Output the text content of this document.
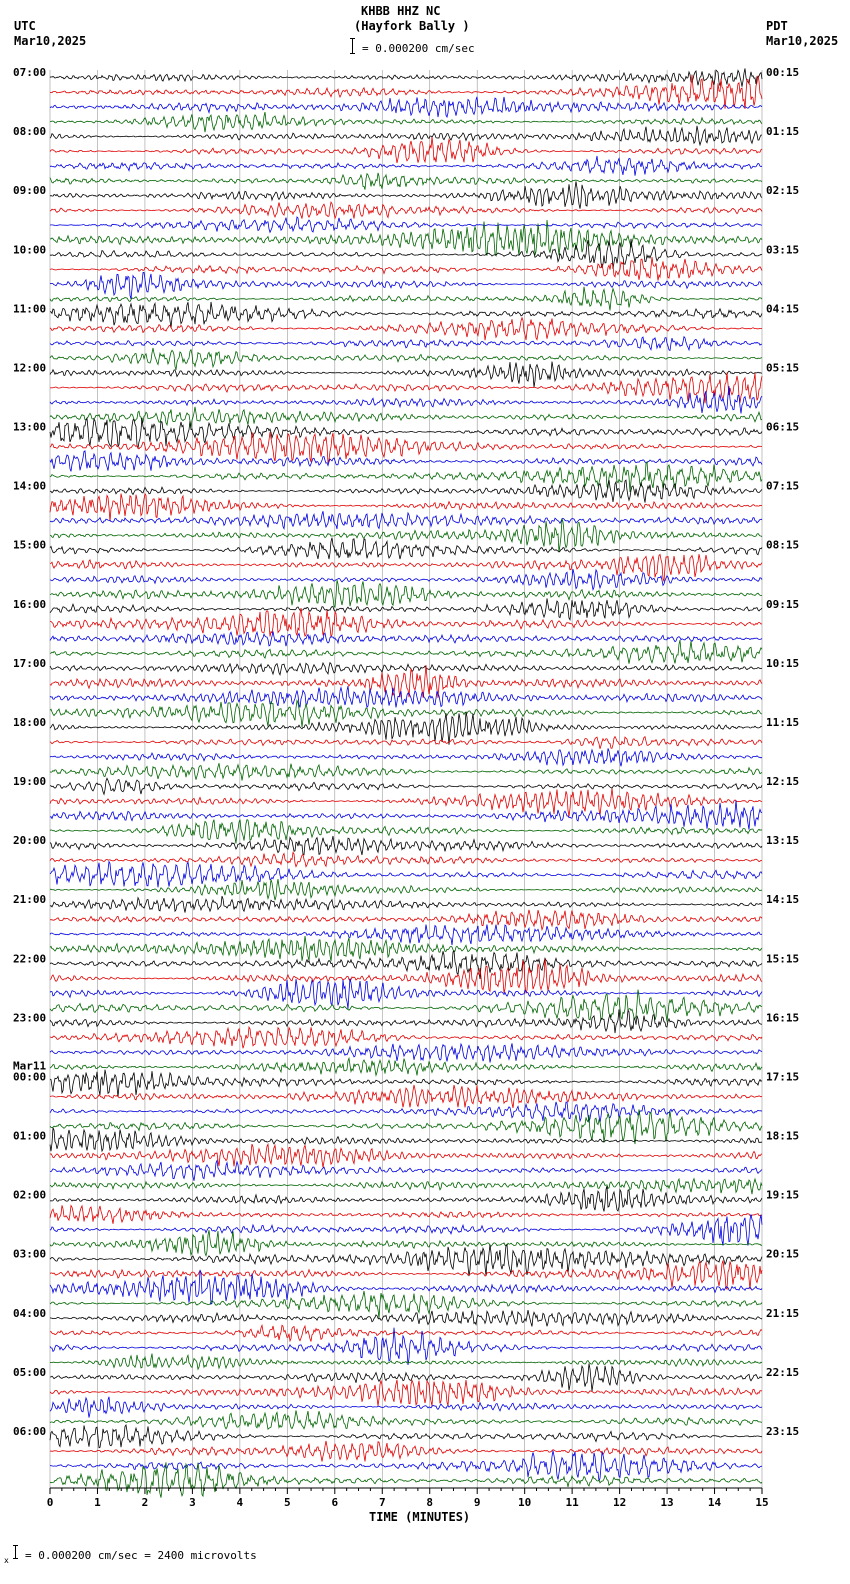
KHBB HHZ NC
(Hayfork Bally )
= 0.000200 cm/sec
UTC
Mar10,2025
PDT
Mar10,2025
0	1	2	3	4	5	6	7	8	9	10	11	12	13	14	15
07:00
08:00
09:00
10:00
11:00
12:00
13:00
14:00
15:00
16:00
17:00
18:00
19:00
20:00
21:00
22:00
23:00
Mar11
00:00
01:00
02:00
03:00
04:00
05:00
06:00
00:15
01:15
02:15
03:15
04:15
05:15
06:15
07:15
08:15
09:15
10:15
11:15
12:15
13:15
14:15
15:15
16:15
17:15
18:15
19:15
20:15
21:15
22:15
23:15
TIME (MINUTES)
x = 0.000200 cm/sec = 2400 microvolts
